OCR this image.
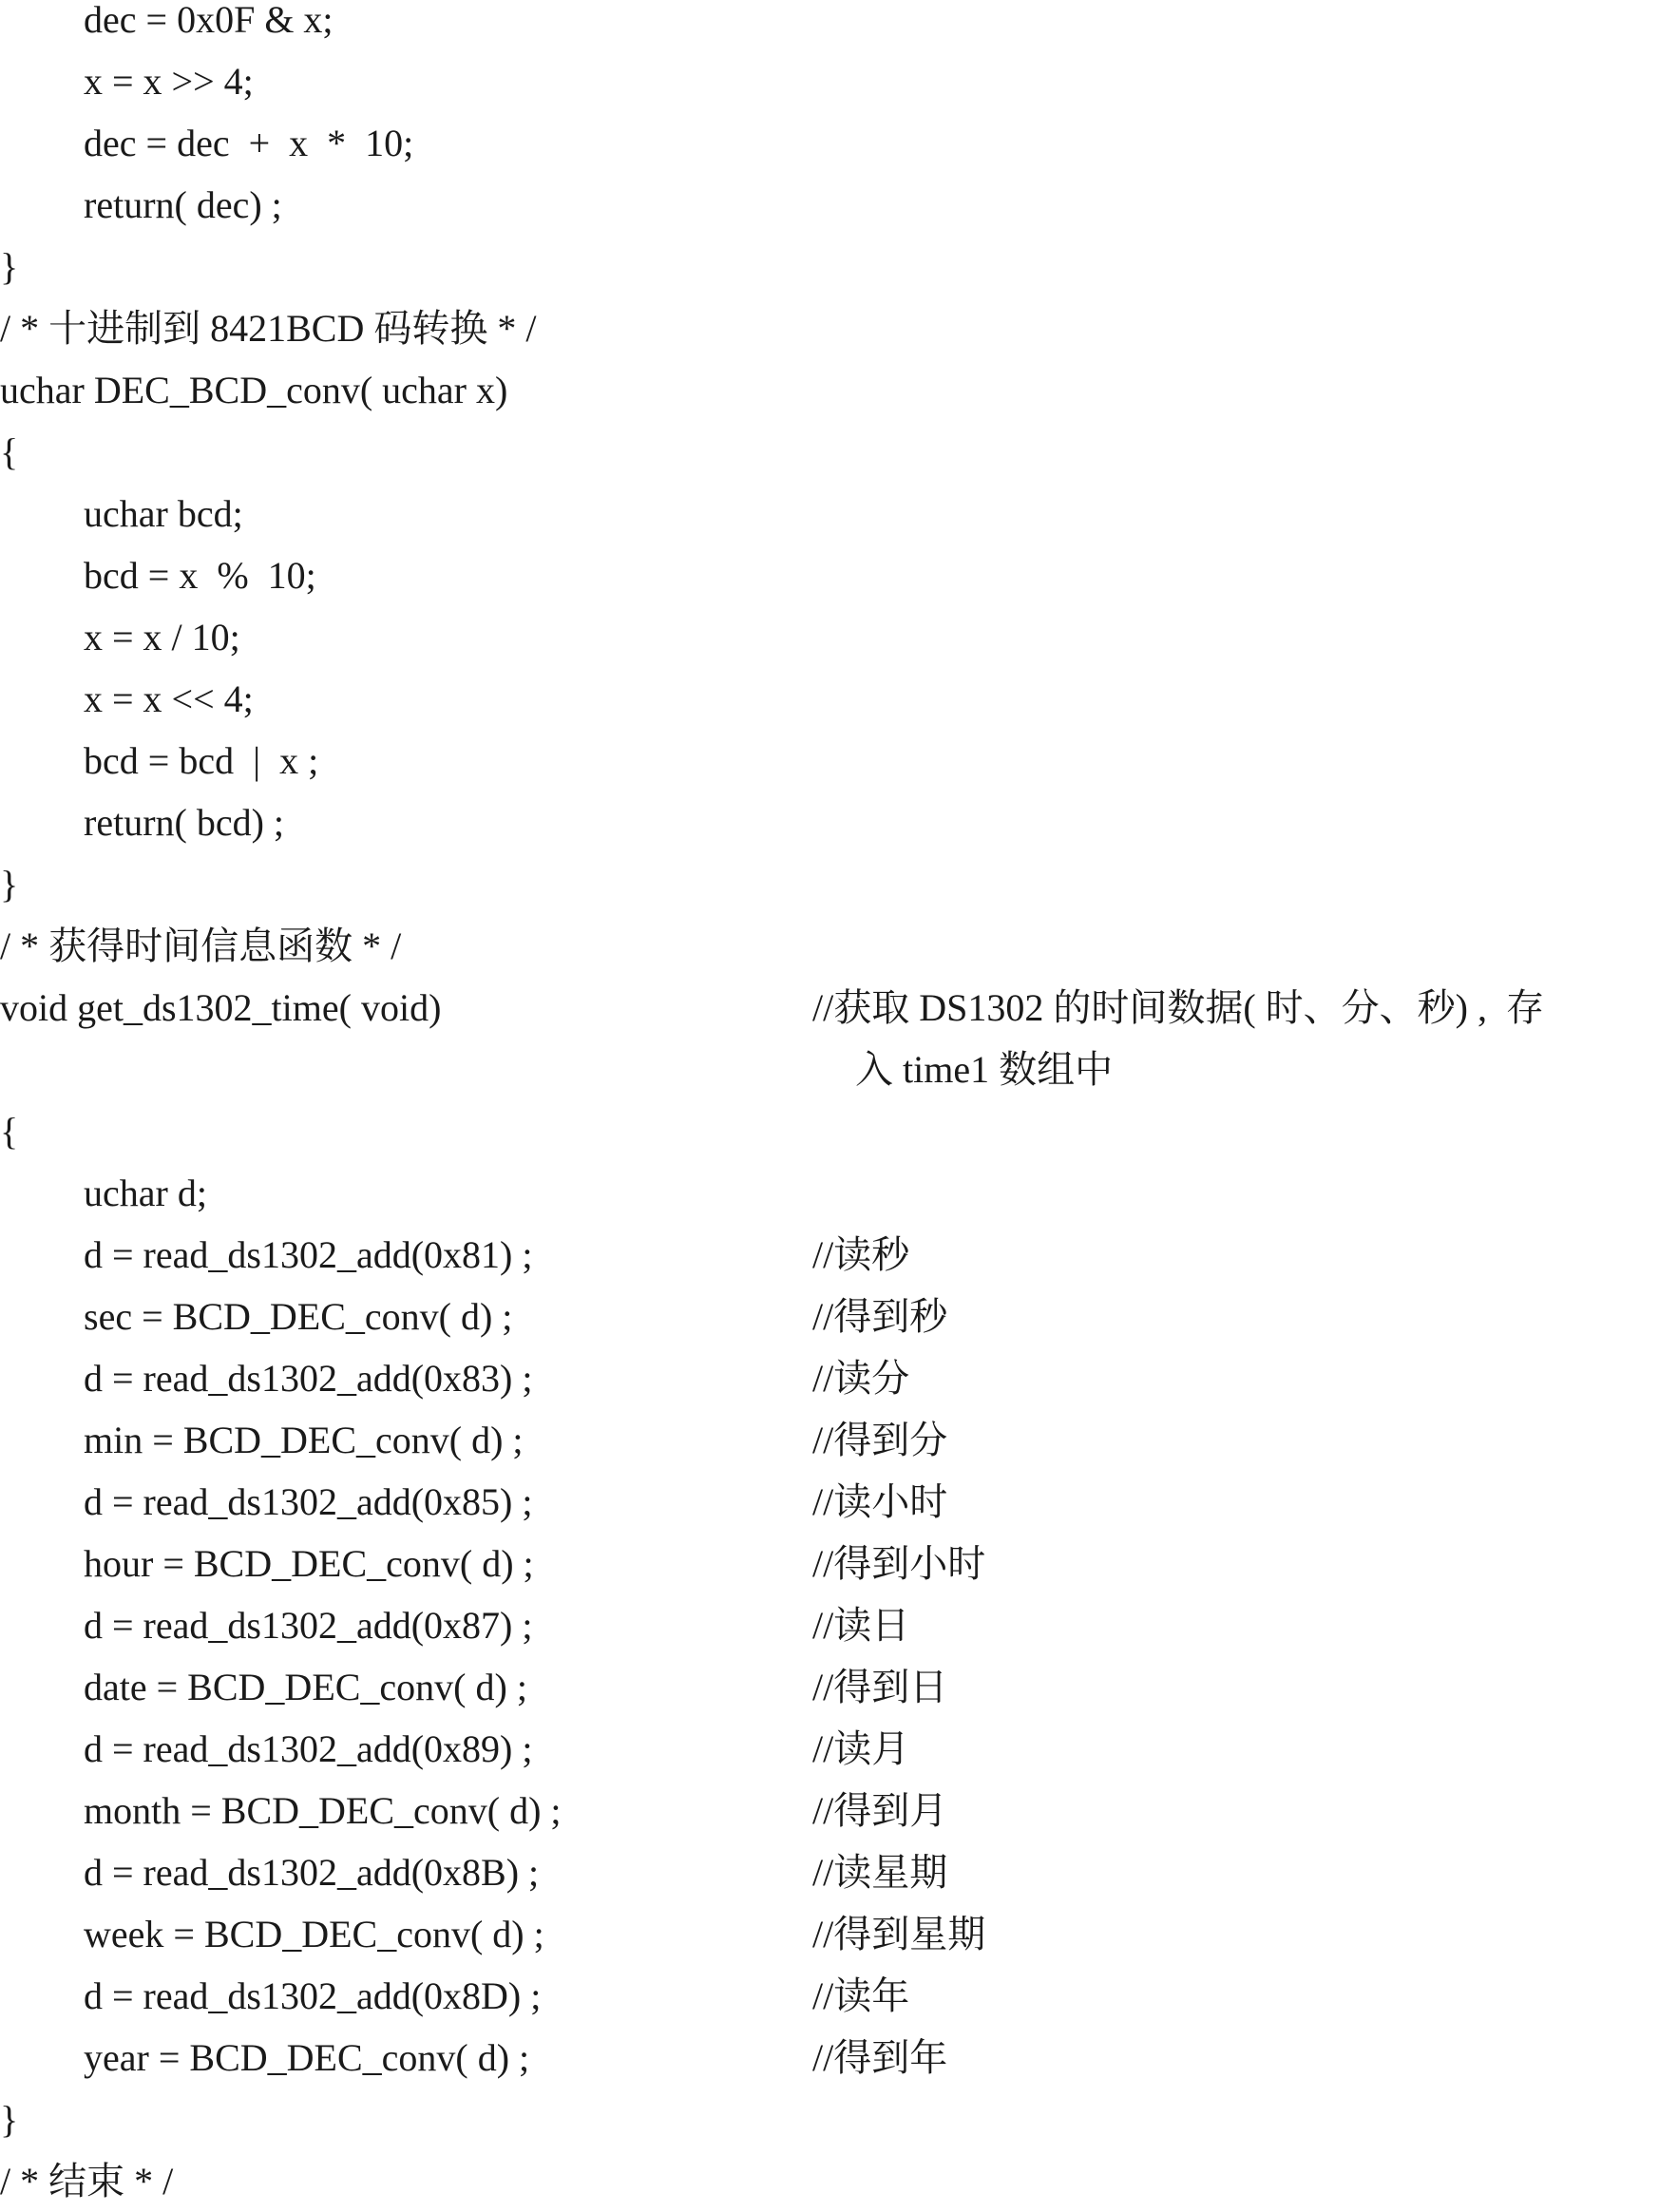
dec = 0x0F & x;
x = x >> 4;
dec = dec  +  x  *  10;
return( dec) ;
}
/ * 十进制到 8421BCD 码转换 * /
uchar DEC_BCD_conv( uchar x)
{
uchar bcd;
bcd = x  %  10;
x = x / 10;
x = x << 4;
bcd = bcd  |  x ;
return( bcd) ;
}
/ * 获得时间信息函数 * /
void get_ds1302_time( void)	//获取 DS1302 的时间数据( 时、分、秒) ,  存
入 time1 数组中
{
uchar d;
d = read_ds1302_add(0x81) ;	//读秒
sec = BCD_DEC_conv( d) ;	//得到秒
d = read_ds1302_add(0x83) ;	//读分
min = BCD_DEC_conv( d) ;	//得到分
d = read_ds1302_add(0x85) ;	//读小时
hour = BCD_DEC_conv( d) ;	//得到小时
d = read_ds1302_add(0x87) ;	//读日
date = BCD_DEC_conv( d) ;	//得到日
d = read_ds1302_add(0x89) ;	//读月
month = BCD_DEC_conv( d) ;	//得到月
d = read_ds1302_add(0x8B) ;	//读星期
week = BCD_DEC_conv( d) ;	//得到星期
d = read_ds1302_add(0x8D) ;	//读年
year = BCD_DEC_conv( d) ;	//得到年
}
/ * 结束 * /
